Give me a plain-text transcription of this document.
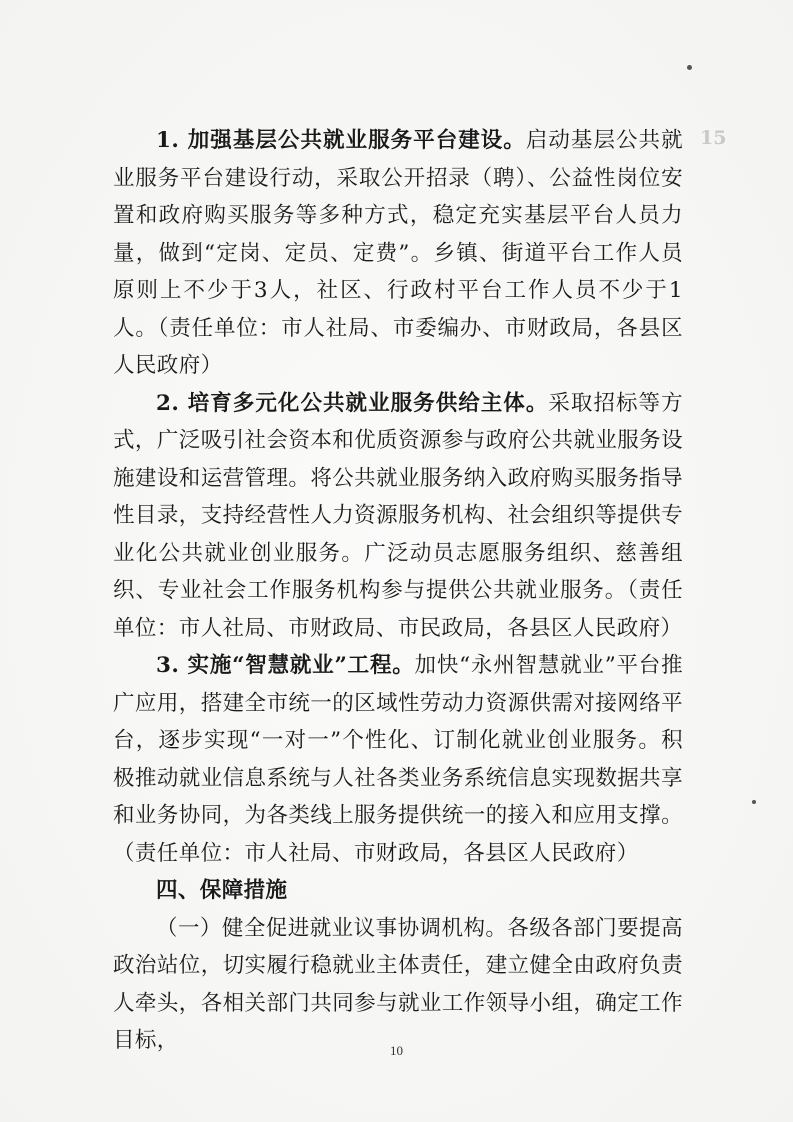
15

1. 加强基层公共就业服务平台建设。启动基层公共就业服务平台建设行动，采取公开招录（聘）、公益性岗位安置和政府购买服务等多种方式，稳定充实基层平台人员力量，做到“定岗、定员、定费”。乡镇、街道平台工作人员原则上不少于3人，社区、行政村平台工作人员不少于1人。（责任单位：市人社局、市委编办、市财政局，各县区人民政府）

2. 培育多元化公共就业服务供给主体。采取招标等方式，广泛吸引社会资本和优质资源参与政府公共就业服务设施建设和运营管理。将公共就业服务纳入政府购买服务指导性目录，支持经营性人力资源服务机构、社会组织等提供专业化公共就业创业服务。广泛动员志愿服务组织、慈善组织、专业社会工作服务机构参与提供公共就业服务。（责任单位：市人社局、市财政局、市民政局，各县区人民政府）

3. 实施“智慧就业”工程。加快“永州智慧就业”平台推广应用，搭建全市统一的区域性劳动力资源供需对接网络平台，逐步实现“一对一”个性化、订制化就业创业服务。积极推动就业信息系统与人社各类业务系统信息实现数据共享和业务协同，为各类线上服务提供统一的接入和应用支撑。（责任单位：市人社局、市财政局，各县区人民政府）

四、保障措施

（一）健全促进就业议事协调机构。各级各部门要提高政治站位，切实履行稳就业主体责任，建立健全由政府负责人牵头，各相关部门共同参与就业工作领导小组，确定工作目标，	10
